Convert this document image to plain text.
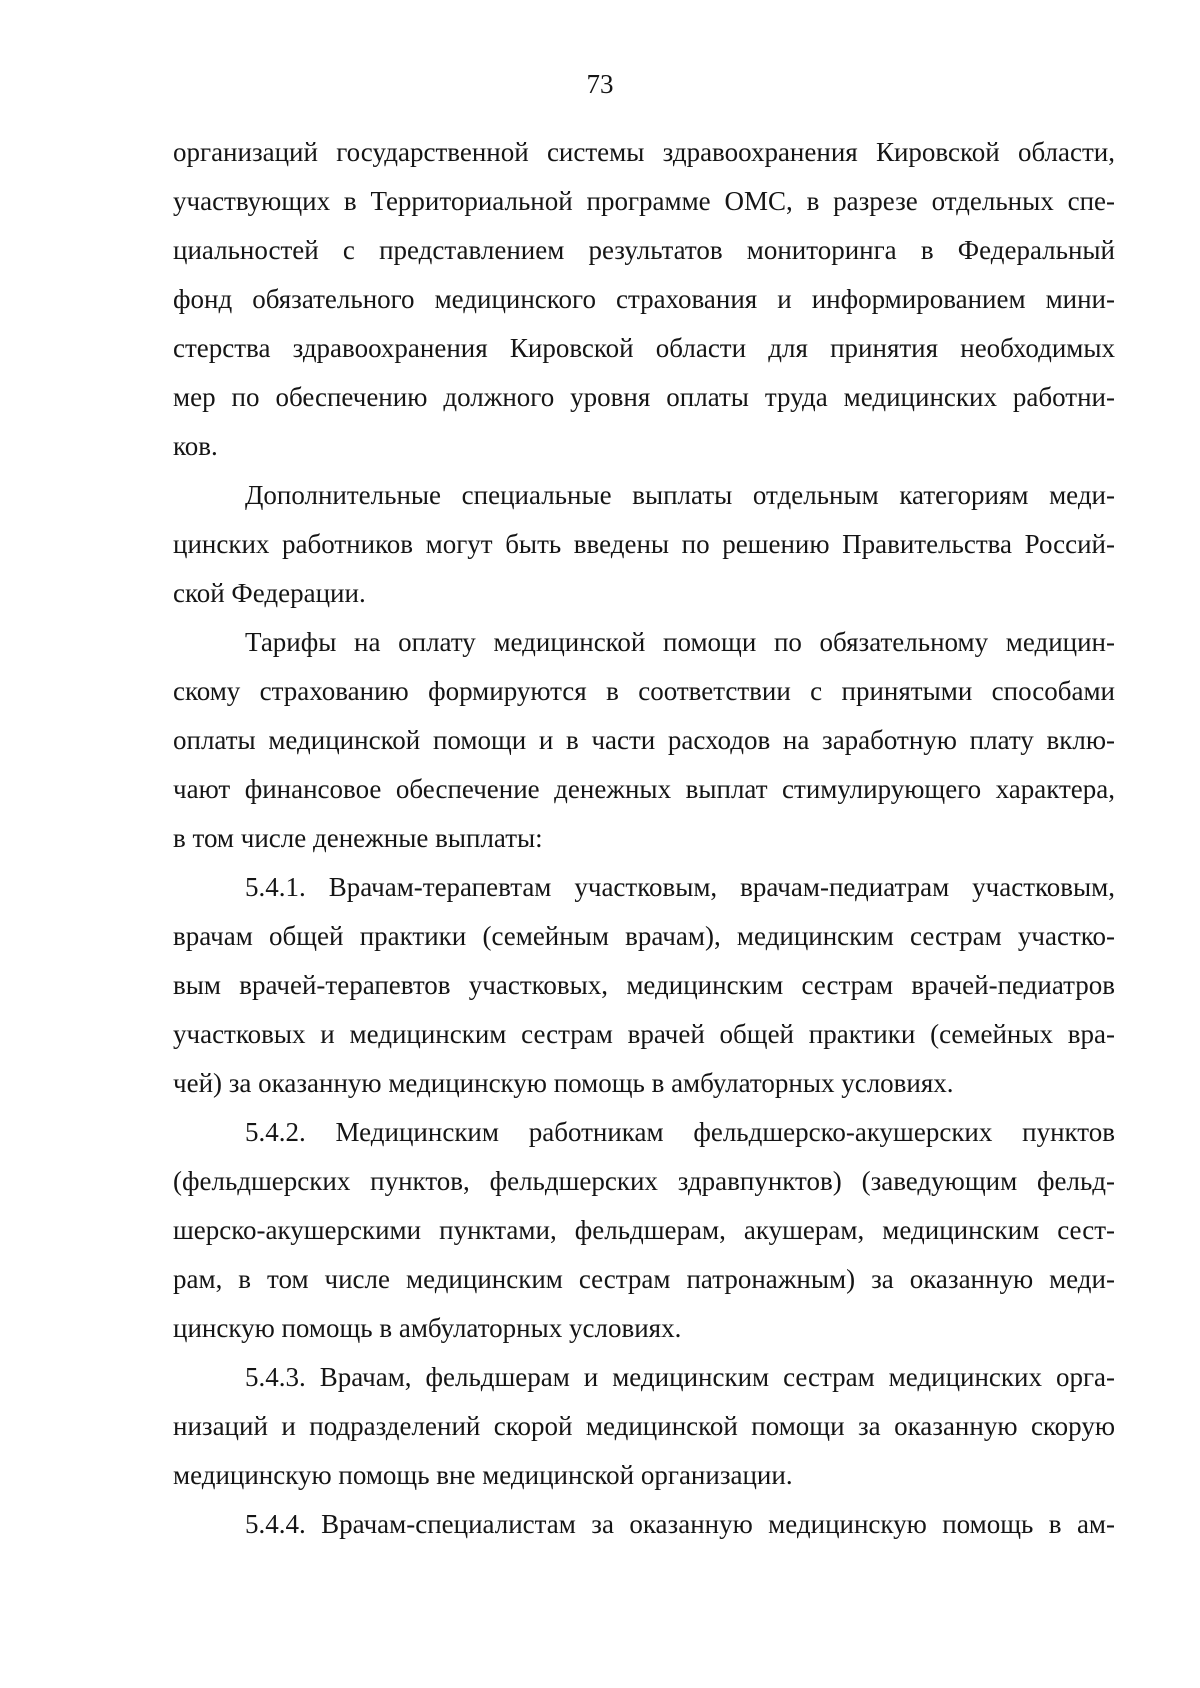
73
организаций государственной системы здравоохранения Кировской области,
участвующих в Территориальной программе ОМС, в разрезе отдельных спе-
циальностей с представлением результатов мониторинга в Федеральный
фонд обязательного медицинского страхования и информированием мини-
стерства здравоохранения Кировской области для принятия необходимых
мер по обеспечению должного уровня оплаты труда медицинских работни-
ков.
Дополнительные специальные выплаты отдельным категориям меди-
цинских работников могут быть введены по решению Правительства Россий-
ской Федерации.
Тарифы на оплату медицинской помощи по обязательному медицин-
скому страхованию формируются в соответствии с принятыми способами
оплаты медицинской помощи и в части расходов на заработную плату вклю-
чают финансовое обеспечение денежных выплат стимулирующего характера,
в том числе денежные выплаты:
5.4.1. Врачам-терапевтам участковым, врачам-педиатрам участковым,
врачам общей практики (семейным врачам), медицинским сестрам участко-
вым врачей-терапевтов участковых, медицинским сестрам врачей-педиатров
участковых и медицинским сестрам врачей общей практики (семейных вра-
чей) за оказанную медицинскую помощь в амбулаторных условиях.
5.4.2. Медицинским работникам фельдшерско-акушерских пунктов
(фельдшерских пунктов, фельдшерских здравпунктов) (заведующим фельд-
шерско-акушерскими пунктами, фельдшерам, акушерам, медицинским сест-
рам, в том числе медицинским сестрам патронажным) за оказанную меди-
цинскую помощь в амбулаторных условиях.
5.4.3. Врачам, фельдшерам и медицинским сестрам медицинских орга-
низаций и подразделений скорой медицинской помощи за оказанную скорую
медицинскую помощь вне медицинской организации.
5.4.4. Врачам-специалистам за оказанную медицинскую помощь в ам-
